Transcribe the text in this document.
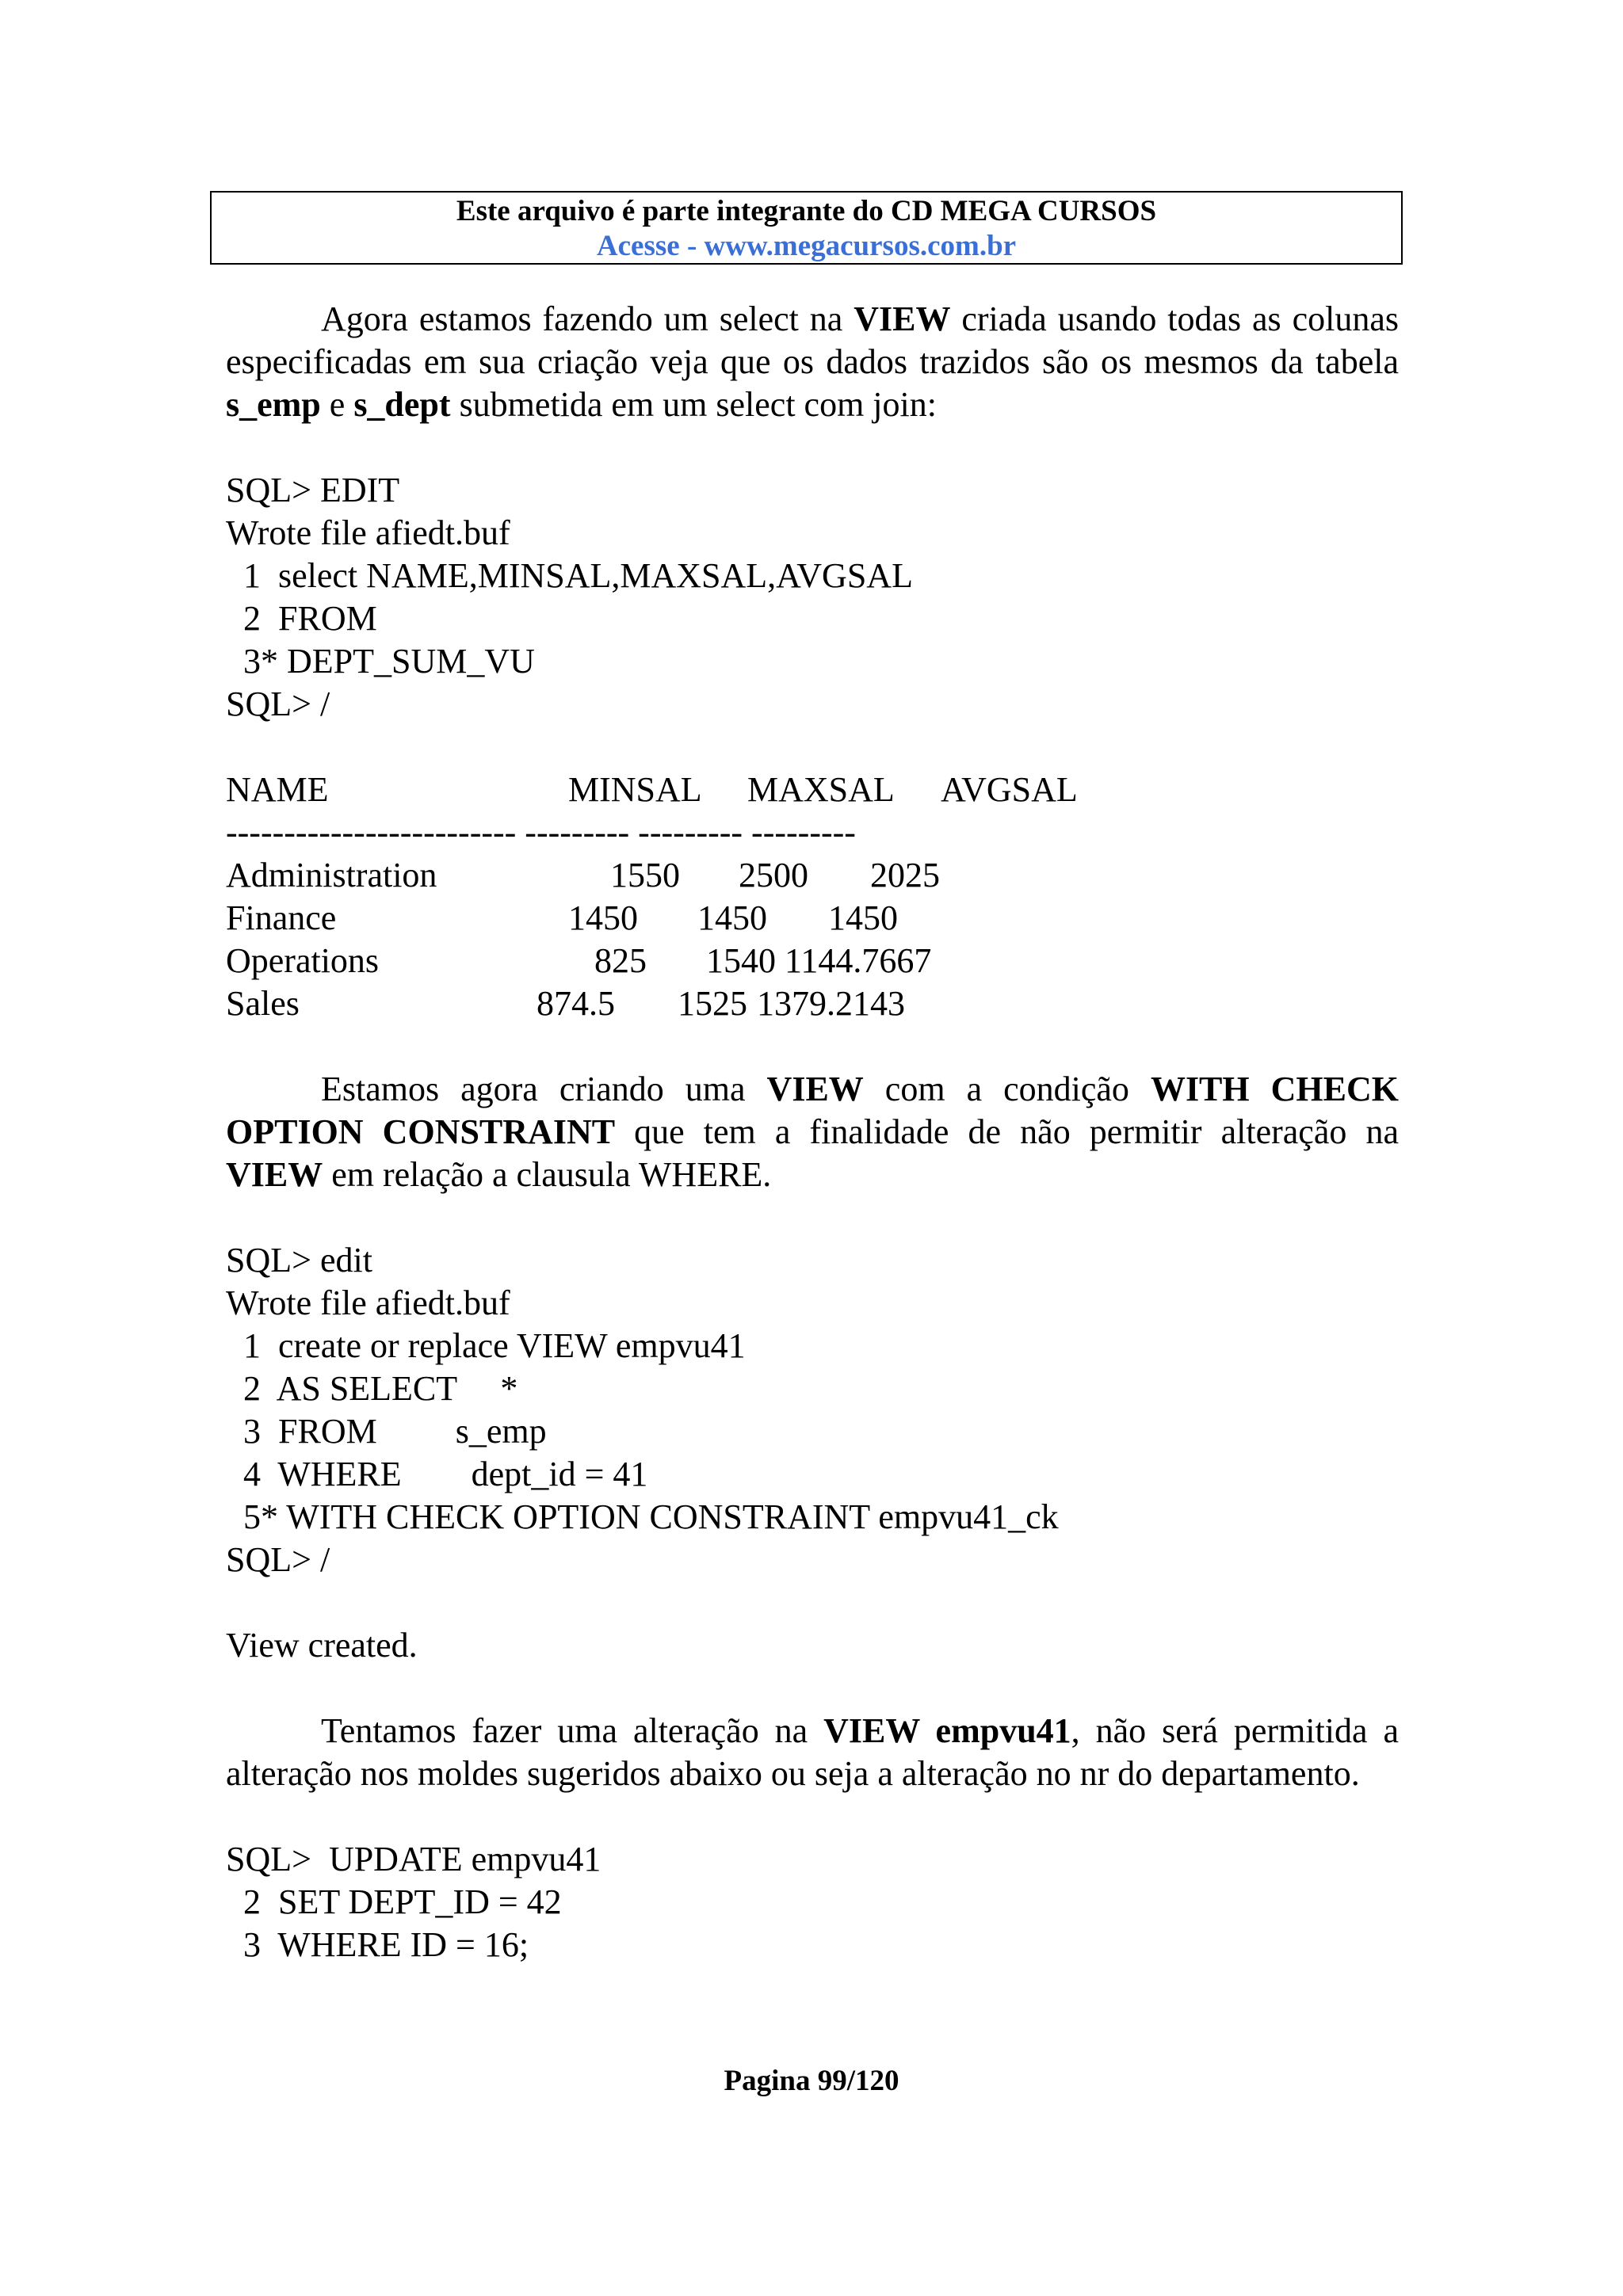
Este arquivo é parte integrante do CD MEGA CURSOS
Acesse - www.megacursos.com.br

Agora estamos fazendo um select na VIEW criada usando todas as colunas especificadas em sua criação veja que os dados trazidos são os mesmos da tabela s_emp e s_dept submetida em um select com join:

SQL> EDIT
Wrote file afiedt.buf
1  select NAME,MINSAL,MAXSAL,AVGSAL
2  FROM
3* DEPT_SUM_VU
SQL> /
NAME	MINSAL MAXSAL AVGSAL
------------------------- --------- --------- ---------
Administration	1550 2500 2025
Finance	1450 1450 1450
Operations	825 1540 1144.7667
Sales	874.5 1525 1379.2143

Estamos agora criando uma VIEW com a condição WITH CHECK OPTION CONSTRAINT que tem a finalidade de não permitir alteração na VIEW em relação a clausula WHERE.

SQL> edit
Wrote file afiedt.buf
1  create or replace VIEW empvu41
2  AS SELECT     *
3  FROM         s_emp
4  WHERE        dept_id = 41
5* WITH CHECK OPTION CONSTRAINT empvu41_ck
SQL> /
View created.

Tentamos fazer uma alteração na VIEW empvu41, não será permitida a alteração nos moldes sugeridos abaixo ou seja a alteração no nr do departamento.

SQL>  UPDATE empvu41
2  SET DEPT_ID = 42
3  WHERE ID = 16;
Pagina 99/120
